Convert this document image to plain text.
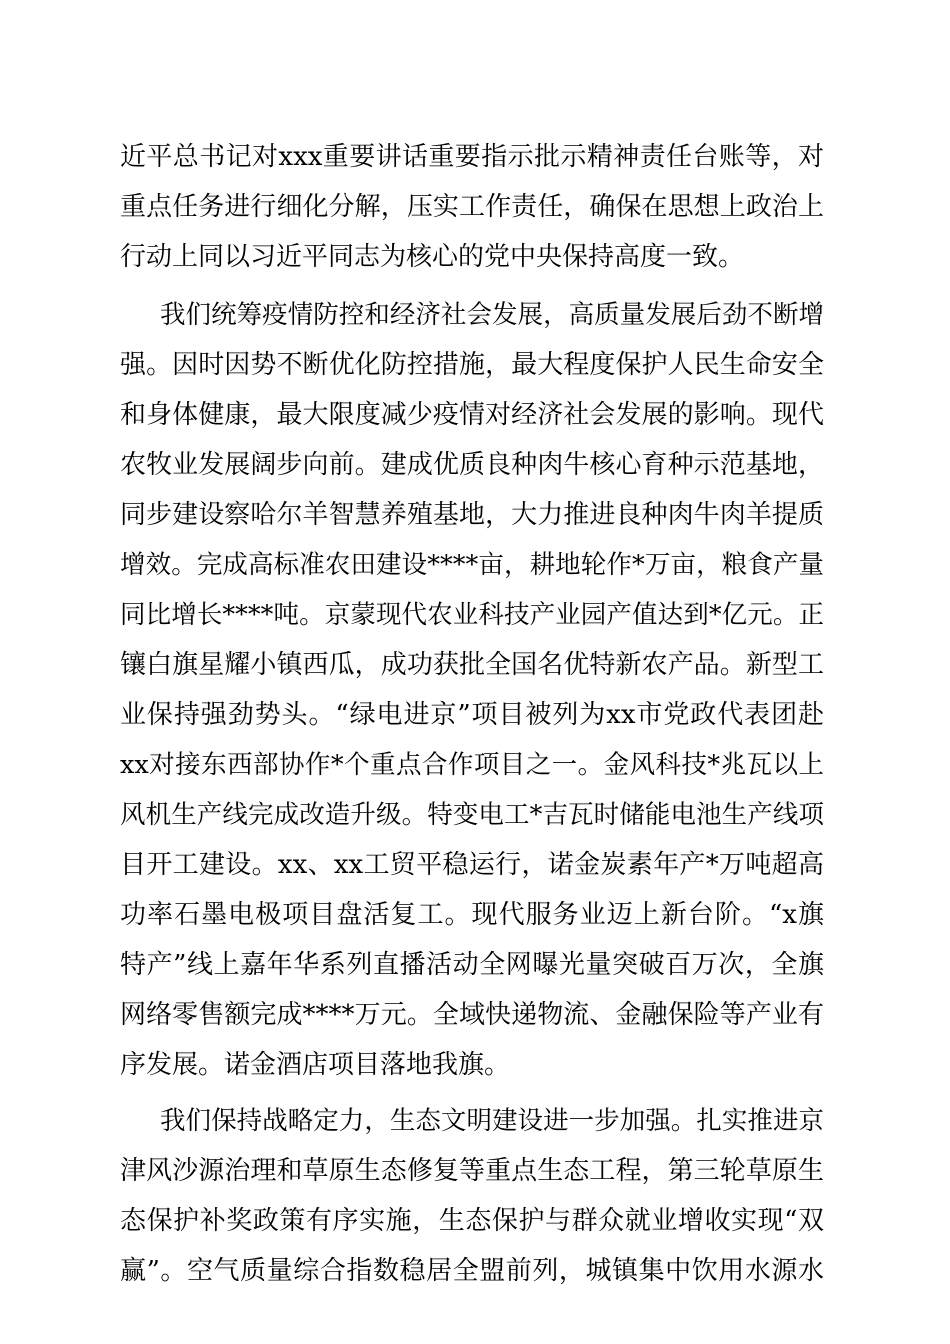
近平总书记对xxx重要讲话重要指示批示精神责任台账等，对

重点任务进行细化分解，压实工作责任，确保在思想上政治上

行动上同以习近平同志为核心的党中央保持高度一致。

我们统筹疫情防控和经济社会发展，高质量发展后劲不断增

强。因时因势不断优化防控措施，最大程度保护人民生命安全

和身体健康，最大限度减少疫情对经济社会发展的影响。现代

农牧业发展阔步向前。建成优质良种肉牛核心育种示范基地，

同步建设察哈尔羊智慧养殖基地，大力推进良种肉牛肉羊提质

增效。完成高标准农田建设****亩，耕地轮作*万亩，粮食产量

同比增长****吨。京蒙现代农业科技产业园产值达到*亿元。正

镶白旗星耀小镇西瓜，成功获批全国名优特新农产品。新型工

业保持强劲势头。“绿电进京”项目被列为xx市党政代表团赴

xx对接东西部协作*个重点合作项目之一。金风科技*兆瓦以上

风机生产线完成改造升级。特变电工*吉瓦时储能电池生产线项

目开工建设。xx、xx工贸平稳运行，诺金炭素年产*万吨超高

功率石墨电极项目盘活复工。现代服务业迈上新台阶。“x旗

特产”线上嘉年华系列直播活动全网曝光量突破百万次，全旗

网络零售额完成****万元。全域快递物流、金融保险等产业有

序发展。诺金酒店项目落地我旗。

我们保持战略定力，生态文明建设进一步加强。扎实推进京

津风沙源治理和草原生态修复等重点生态工程，第三轮草原生

态保护补奖政策有序实施，生态保护与群众就业增收实现“双

赢”。空气质量综合指数稳居全盟前列，城镇集中饮用水源水
